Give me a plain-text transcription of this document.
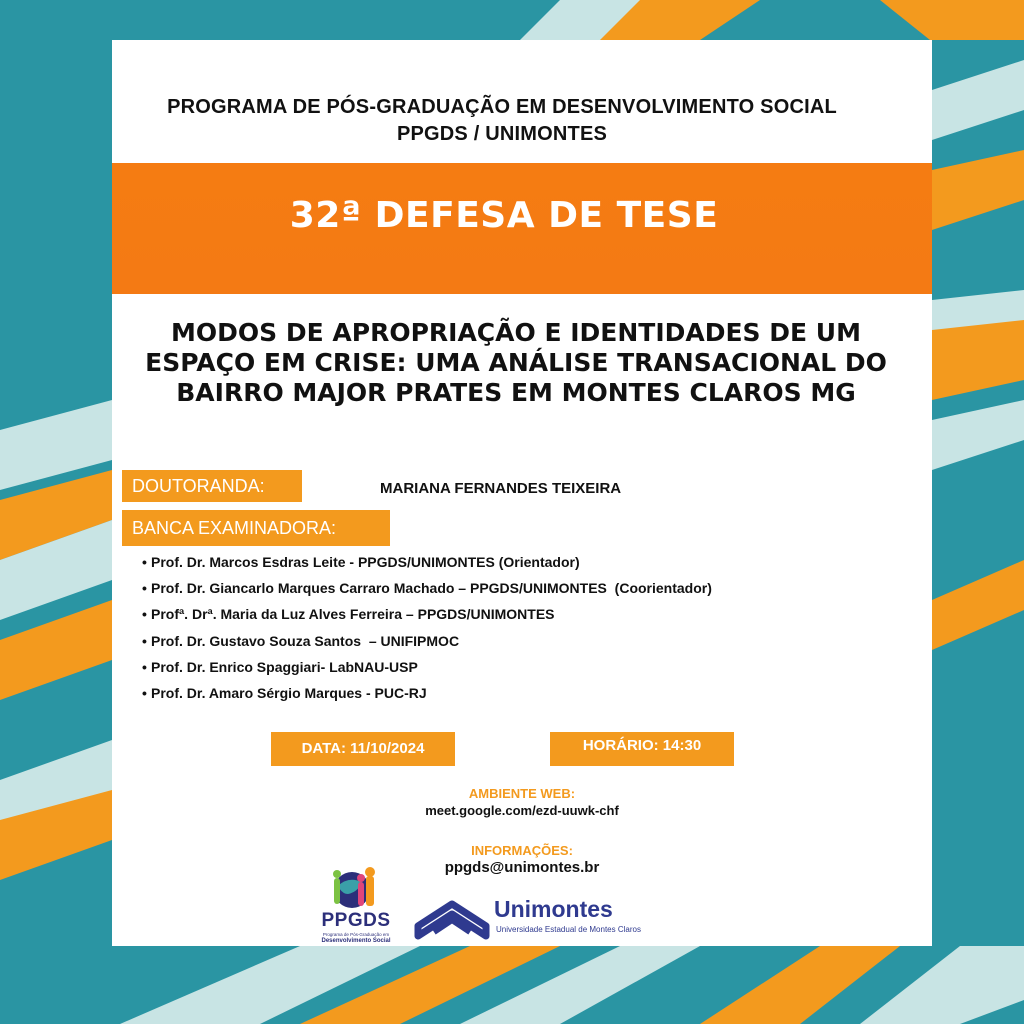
PROGRAMA DE PÓS-GRADUAÇÃO EM DESENVOLVIMENTO SOCIAL
PPGDS / UNIMONTES
32ª DEFESA DE TESE
MODOS DE APROPRIAÇÃO E IDENTIDADES DE UM ESPAÇO EM CRISE: UMA ANÁLISE TRANSACIONAL DO BAIRRO MAJOR PRATES EM MONTES CLAROS MG
DOUTORANDA:	MARIANA FERNANDES TEIXEIRA
BANCA EXAMINADORA:
• Prof. Dr. Marcos Esdras Leite - PPGDS/UNIMONTES (Orientador)
• Prof. Dr. Giancarlo Marques Carraro Machado – PPGDS/UNIMONTES  (Coorientador)
• Profª. Drª. Maria da Luz Alves Ferreira – PPGDS/UNIMONTES
• Prof. Dr. Gustavo Souza Santos  – UNIFIPMOC
• Prof. Dr. Enrico Spaggiari- LabNAU-USP
• Prof. Dr. Amaro Sérgio Marques - PUC-RJ
DATA: 11/10/2024	HORÁRIO: 14:30
AMBIENTE WEB:
meet.google.com/ezd-uuwk-chf
INFORMAÇÕES:
ppgds@unimontes.br
PPGDS
Programa de Pós-Graduação em
Desenvolvimento Social
Unimontes
Universidade Estadual de Montes Claros
